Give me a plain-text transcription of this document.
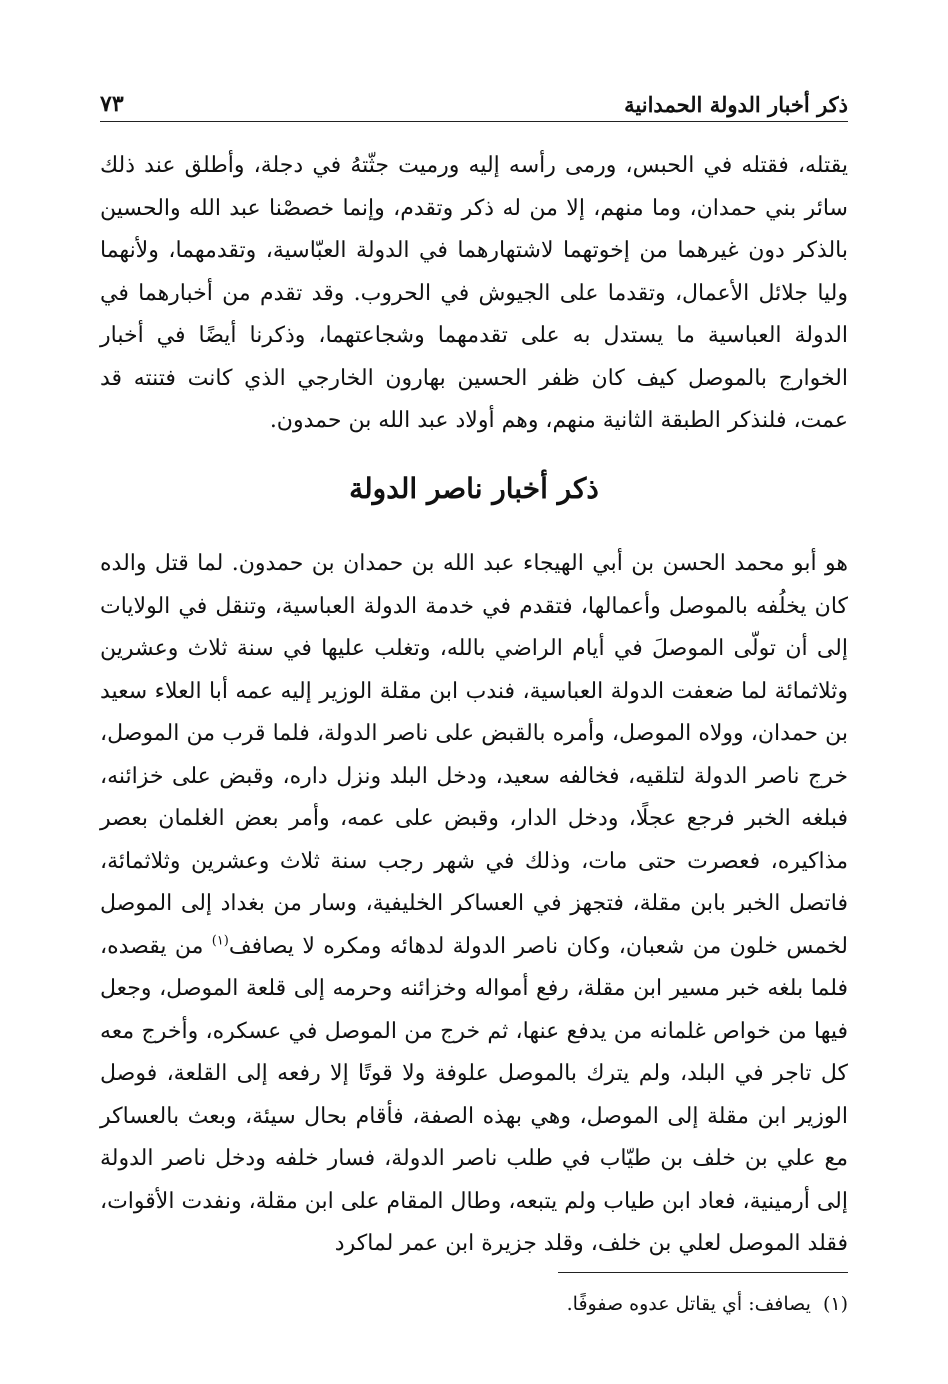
ذكر أخبار الدولة الحمدانية
٧٣

يقتله، فقتله في الحبس، ورمى رأسه إليه ورميت جثّتهُ في دجلة، وأطلق عند ذلك سائر بني حمدان، وما منهم، إلا من له ذكر وتقدم، وإنما خصصْنا عبد الله والحسين بالذكر دون غيرهما من إخوتهما لاشتهارهما في الدولة العبّاسية، وتقدمهما، ولأنهما وليا جلائل الأعمال، وتقدما على الجيوش في الحروب. وقد تقدم من أخبارهما في الدولة العباسية ما يستدل به على تقدمهما وشجاعتهما، وذكرنا أيضًا في أخبار الخوارج بالموصل كيف كان ظفر الحسين بهارون الخارجي الذي كانت فتنته قد عمت، فلنذكر الطبقة الثانية منهم، وهم أولاد عبد الله بن حمدون.

ذكر أخبار ناصر الدولة

هو أبو محمد الحسن بن أبي الهيجاء عبد الله بن حمدان بن حمدون. لما قتل والده كان يخلُفه بالموصل وأعمالها، فتقدم في خدمة الدولة العباسية، وتنقل في الولايات إلى أن تولّى الموصلَ في أيام الراضي بالله، وتغلب عليها في سنة ثلاث وعشرين وثلاثمائة لما ضعفت الدولة العباسية، فندب ابن مقلة الوزير إليه عمه أبا العلاء سعيد بن حمدان، وولاه الموصل، وأمره بالقبض على ناصر الدولة، فلما قرب من الموصل، خرج ناصر الدولة لتلقيه، فخالفه سعيد، ودخل البلد ونزل داره، وقبض على خزائنه، فبلغه الخبر فرجع عجلًا، ودخل الدار، وقبض على عمه، وأمر بعض الغلمان بعصر مذاكيره، فعصرت حتى مات، وذلك في شهر رجب سنة ثلاث وعشرين وثلاثمائة، فاتصل الخبر بابن مقلة، فتجهز في العساكر الخليفية، وسار من بغداد إلى الموصل لخمس خلون من شعبان، وكان ناصر الدولة لدهائه ومكره لا يصافف$^{(١)}$ من يقصده، فلما بلغه خبر مسير ابن مقلة، رفع أمواله وخزائنه وحرمه إلى قلعة الموصل، وجعل فيها من خواص غلمانه من يدفع عنها، ثم خرج من الموصل في عسكره، وأخرج معه كل تاجر في البلد، ولم يترك بالموصل علوفة ولا قوتًا إلا رفعه إلى القلعة، فوصل الوزير ابن مقلة إلى الموصل، وهي بهذه الصفة، فأقام بحال سيئة، وبعث بالعساكر مع علي بن خلف بن طيّاب في طلب ناصر الدولة، فسار خلفه ودخل ناصر الدولة إلى أرمينية، فعاد ابن طياب ولم يتبعه، وطال المقام على ابن مقلة، ونفدت الأقوات، فقلد الموصل لعلي بن خلف، وقلد جزيرة ابن عمر لماكرد

(١)يصافف: أي يقاتل عدوه صفوفًا.
